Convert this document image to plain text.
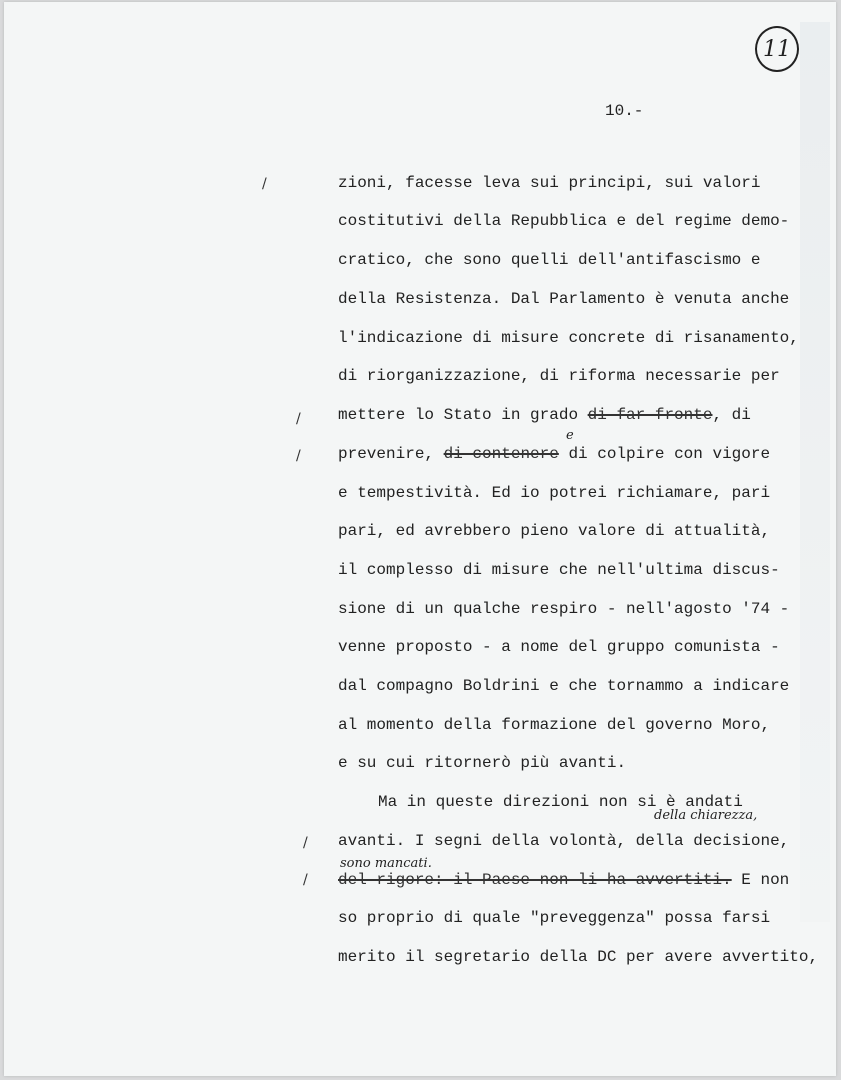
11
10.-
/
/
/
/
/
e
della chiarezza,
sono mancati.
zioni, facesse leva sui principi, sui valori
costitutivi della Repubblica e del regime demo-
cratico, che sono quelli dell'antifascismo e
della Resistenza. Dal Parlamento è venuta anche
l'indicazione di misure concrete di risanamento,
di riorganizzazione, di riforma necessarie per
mettere lo Stato in grado di far fronte, di
prevenire, di contenere di colpire con vigore
e tempestività. Ed io potrei richiamare, pari
pari, ed avrebbero pieno valore di attualità,
il complesso di misure che nell'ultima discus-
sione di un qualche respiro - nell'agosto '74 -
venne proposto - a nome del gruppo comunista -
dal compagno Boldrini e che tornammo a indicare
al momento della formazione del governo Moro,
e su cui ritornerò più avanti.
Ma in queste direzioni non si è andati
avanti. I segni della volontà, della decisione,
del rigore: il Paese non li ha avvertiti. E non
so proprio di quale "preveggenza" possa farsi
merito il segretario della DC per avere avvertito,
